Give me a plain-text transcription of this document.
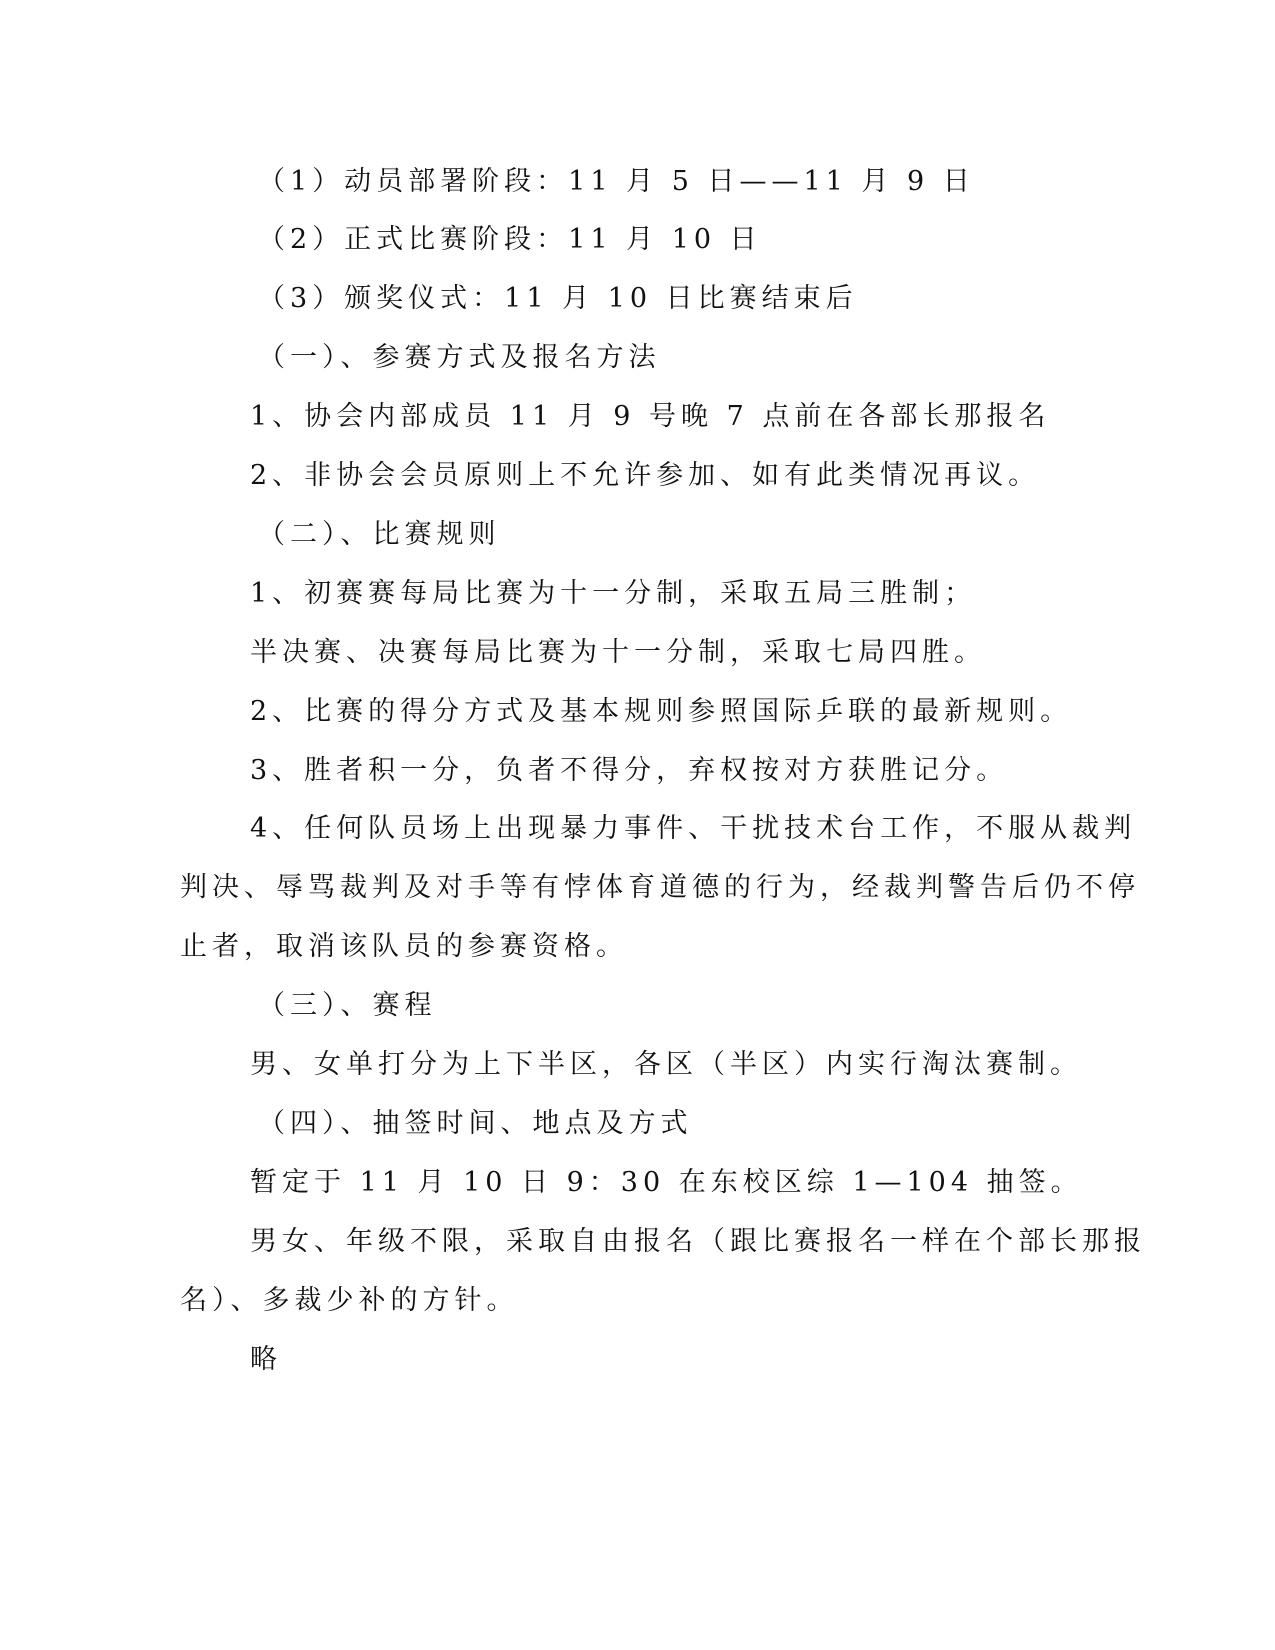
（1）动员部署阶段：11 月 5 日——11 月 9 日
（2）正式比赛阶段：11 月 10 日
（3）颁奖仪式：11 月 10 日比赛结束后
（一）、参赛方式及报名方法
1、协会内部成员 11 月 9 号晚 7 点前在各部长那报名
2、非协会会员原则上不允许参加、如有此类情况再议。
（二）、比赛规则
1、初赛赛每局比赛为十一分制，采取五局三胜制；
半决赛、决赛每局比赛为十一分制，采取七局四胜。
2、比赛的得分方式及基本规则参照国际乒联的最新规则。
3、胜者积一分，负者不得分，弃权按对方获胜记分。
4、任何队员场上出现暴力事件、干扰技术台工作，不服从裁判
判决、辱骂裁判及对手等有悖体育道德的行为，经裁判警告后仍不停
止者，取消该队员的参赛资格。
（三）、赛程
男、女单打分为上下半区，各区（半区）内实行淘汰赛制。
（四）、抽签时间、地点及方式
暂定于 11 月 10 日 9：30 在东校区综 1—104 抽签。
男女、年级不限，采取自由报名（跟比赛报名一样在个部长那报
名）、多裁少补的方针。
略
